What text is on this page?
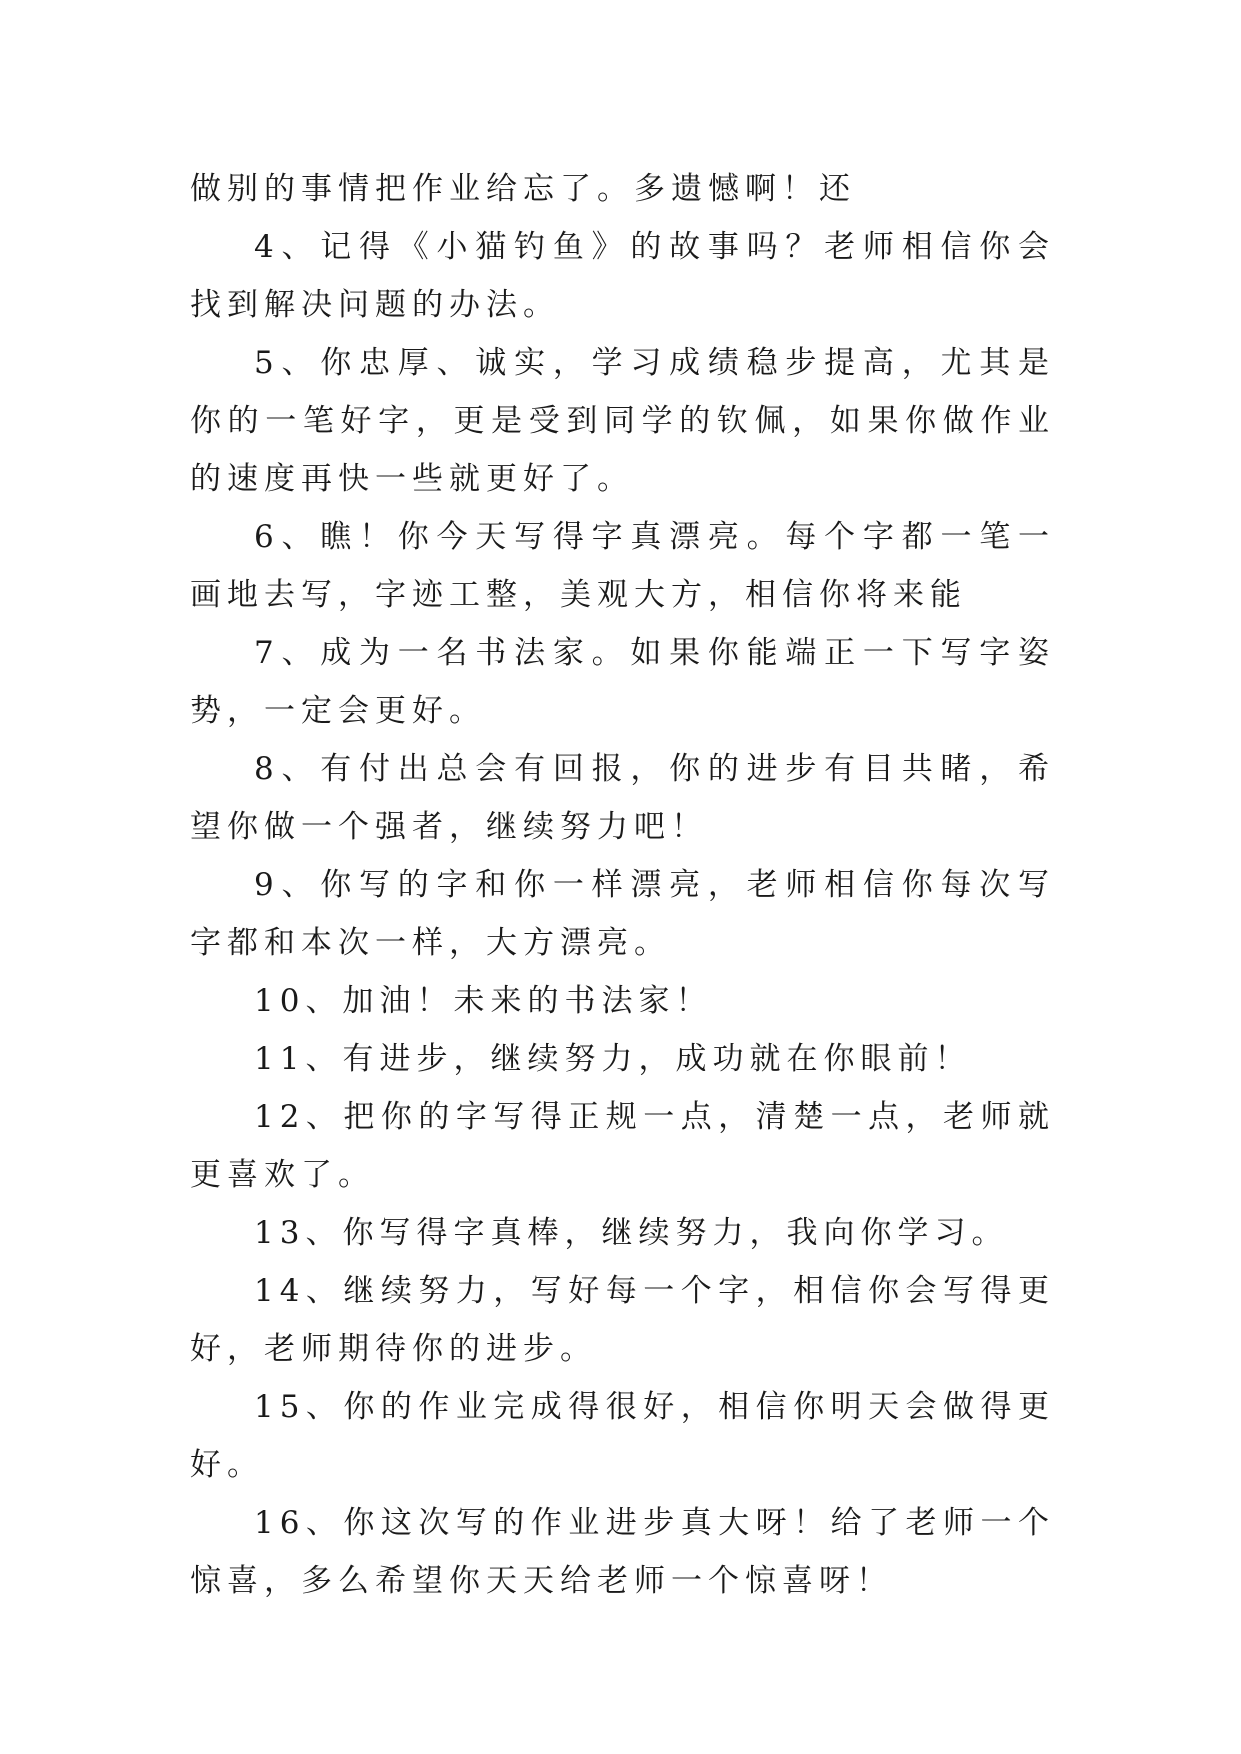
做别的事情把作业给忘了。多遗憾啊！还

4、记得《小猫钓鱼》的故事吗？老师相信你会找到解决问题的办法。

5、你忠厚、诚实，学习成绩稳步提高，尤其是你的一笔好字，更是受到同学的钦佩，如果你做作业的速度再快一些就更好了。

6、瞧！你今天写得字真漂亮。每个字都一笔一画地去写，字迹工整，美观大方，相信你将来能

7、成为一名书法家。如果你能端正一下写字姿势，一定会更好。

8、有付出总会有回报，你的进步有目共睹，希望你做一个强者，继续努力吧！

9、你写的字和你一样漂亮，老师相信你每次写字都和本次一样，大方漂亮。

10、加油！未来的书法家！

11、有进步，继续努力，成功就在你眼前！

12、把你的字写得正规一点，清楚一点，老师就更喜欢了。

13、你写得字真棒，继续努力，我向你学习。

14、继续努力，写好每一个字，相信你会写得更好，老师期待你的进步。

15、你的作业完成得很好，相信你明天会做得更好。

16、你这次写的作业进步真大呀！给了老师一个惊喜，多么希望你天天给老师一个惊喜呀！
